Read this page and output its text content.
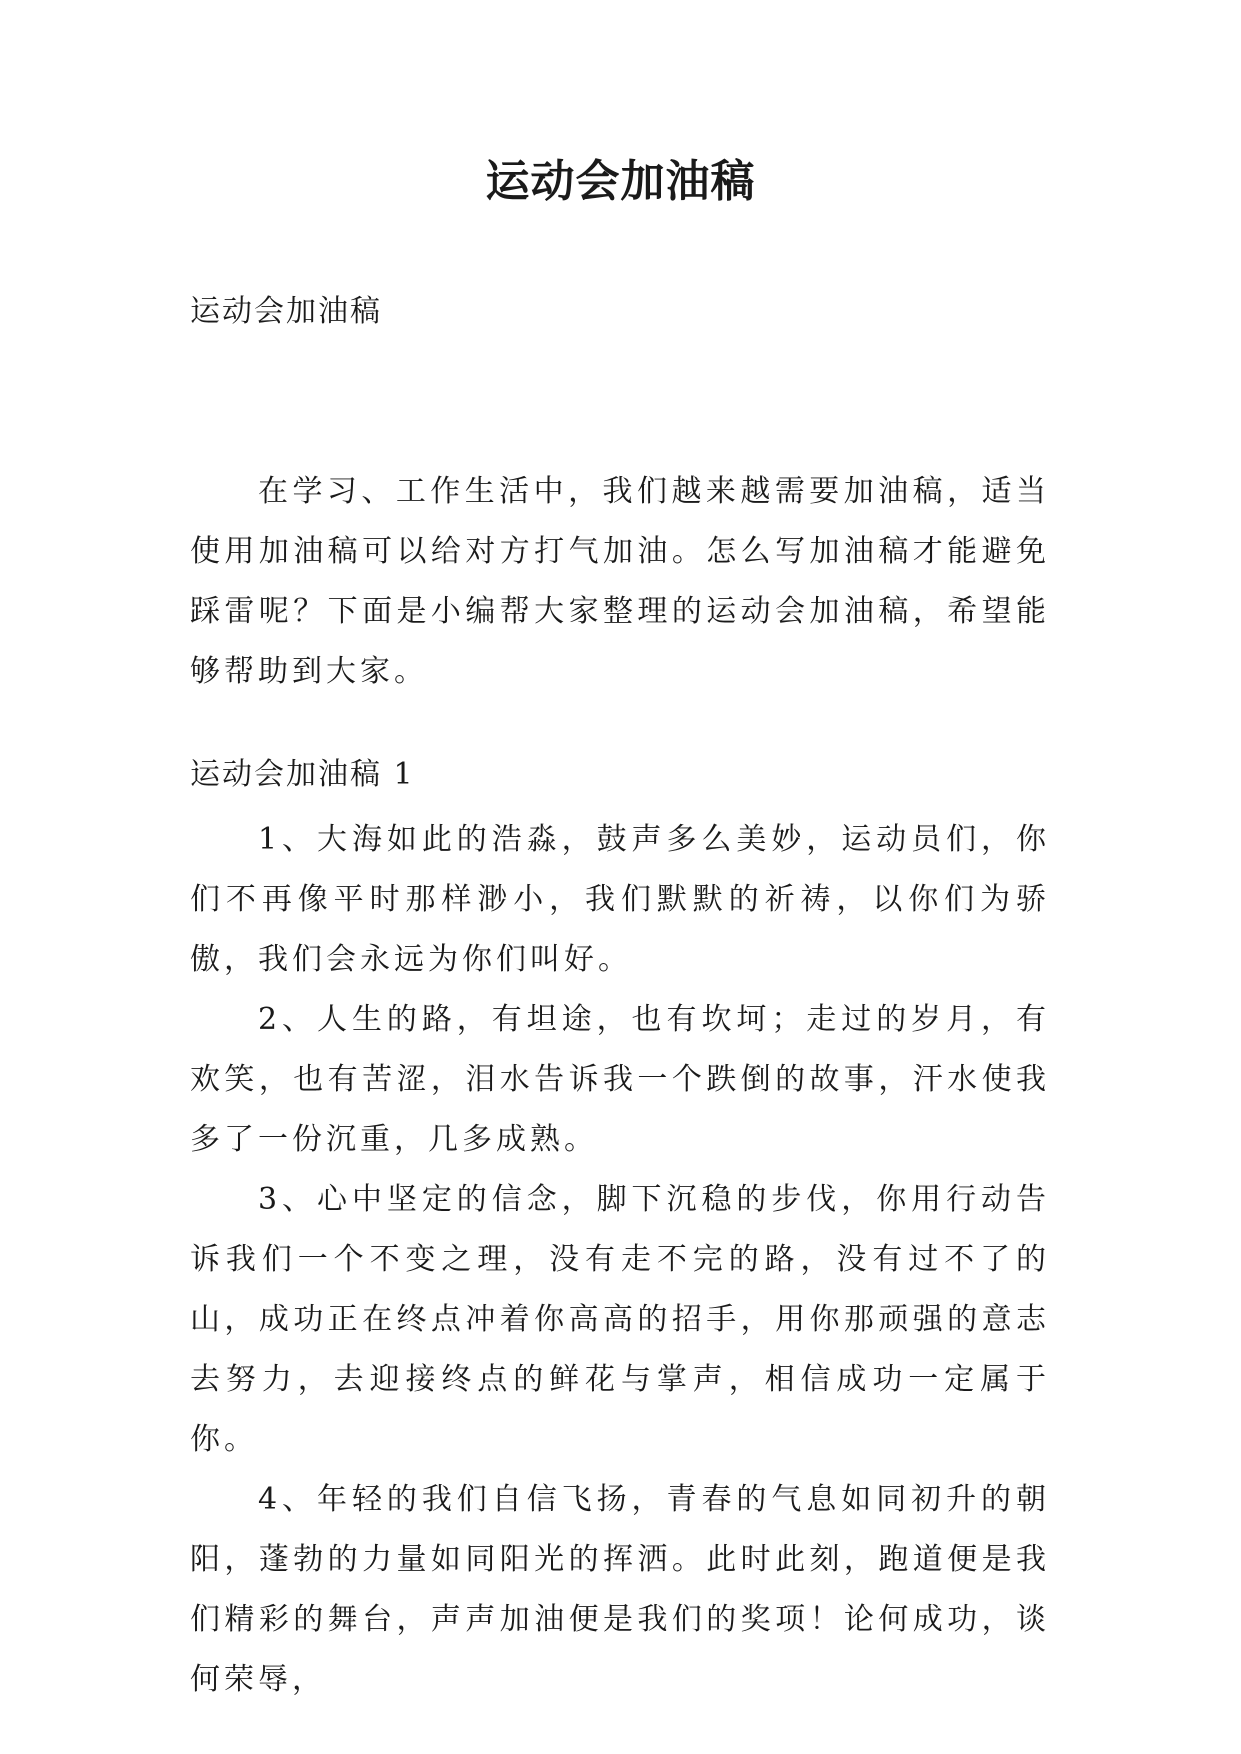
运动会加油稿
运动会加油稿

在学习、工作生活中，我们越来越需要加油稿，适当使用加油稿可以给对方打气加油。怎么写加油稿才能避免踩雷呢？下面是小编帮大家整理的运动会加油稿，希望能够帮助到大家。

运动会加油稿 1

1、大海如此的浩淼，鼓声多么美妙，运动员们，你们不再像平时那样渺小，我们默默的祈祷，以你们为骄傲，我们会永远为你们叫好。

2、人生的路，有坦途，也有坎坷；走过的岁月，有欢笑，也有苦涩，泪水告诉我一个跌倒的故事，汗水使我多了一份沉重，几多成熟。

3、心中坚定的信念，脚下沉稳的步伐，你用行动告诉我们一个不变之理，没有走不完的路，没有过不了的山，成功正在终点冲着你高高的招手，用你那顽强的意志去努力，去迎接终点的鲜花与掌声，相信成功一定属于你。

4、年轻的我们自信飞扬，青春的气息如同初升的朝阳，蓬勃的力量如同阳光的挥洒。此时此刻，跑道便是我们精彩的舞台，声声加油便是我们的奖项！论何成功，谈何荣辱，
